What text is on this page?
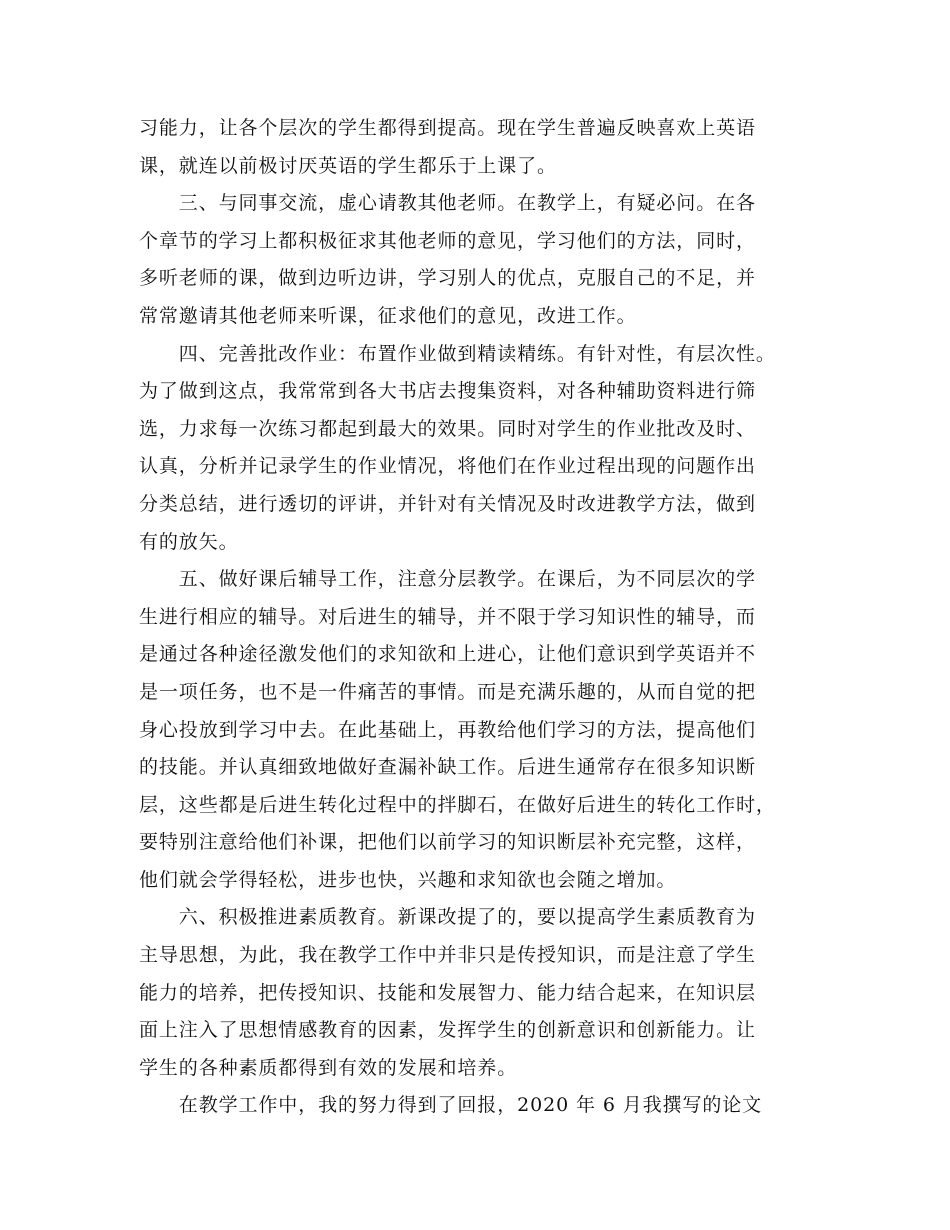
习能力，让各个层次的学生都得到提高。现在学生普遍反映喜欢上英语
课，就连以前极讨厌英语的学生都乐于上课了。
　　三、与同事交流，虚心请教其他老师。在教学上，有疑必问。在各
个章节的学习上都积极征求其他老师的意见，学习他们的方法，同时，
多听老师的课，做到边听边讲，学习别人的优点，克服自己的不足，并
常常邀请其他老师来听课，征求他们的意见，改进工作。
　　四、完善批改作业：布置作业做到精读精练。有针对性，有层次性。
为了做到这点，我常常到各大书店去搜集资料，对各种辅助资料进行筛
选，力求每一次练习都起到最大的效果。同时对学生的作业批改及时、
认真，分析并记录学生的作业情况，将他们在作业过程出现的问题作出
分类总结，进行透切的评讲，并针对有关情况及时改进教学方法，做到
有的放矢。
　　五、做好课后辅导工作，注意分层教学。在课后，为不同层次的学
生进行相应的辅导。对后进生的辅导，并不限于学习知识性的辅导，而
是通过各种途径激发他们的求知欲和上进心，让他们意识到学英语并不
是一项任务，也不是一件痛苦的事情。而是充满乐趣的，从而自觉的把
身心投放到学习中去。在此基础上，再教给他们学习的方法，提高他们
的技能。并认真细致地做好查漏补缺工作。后进生通常存在很多知识断
层，这些都是后进生转化过程中的拌脚石，在做好后进生的转化工作时，
要特别注意给他们补课，把他们以前学习的知识断层补充完整，这样，
他们就会学得轻松，进步也快，兴趣和求知欲也会随之增加。
　　六、积极推进素质教育。新课改提了的，要以提高学生素质教育为
主导思想，为此，我在教学工作中并非只是传授知识，而是注意了学生
能力的培养，把传授知识、技能和发展智力、能力结合起来，在知识层
面上注入了思想情感教育的因素，发挥学生的创新意识和创新能力。让
学生的各种素质都得到有效的发展和培养。
　　在教学工作中，我的努力得到了回报，2020 年 6 月我撰写的论文
